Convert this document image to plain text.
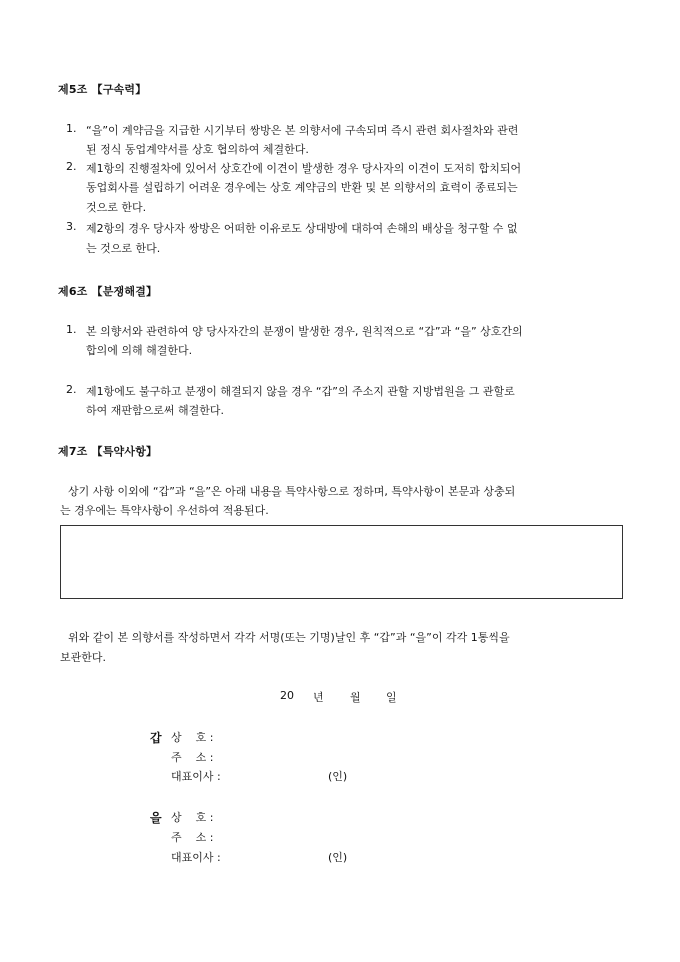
제5조 【구속력】
1. “을”이 계약금을 지급한 시기부터 쌍방은 본 의향서에 구속되며 즉시 관련 회사절차와 관련
된 정식 동업계약서를 상호 협의하여 체결한다.
2. 제1항의 진행절차에 있어서 상호간에 이견이 발생한 경우 당사자의 이견이 도저히 합치되어
동업회사를 설립하기 어려운 경우에는 상호 계약금의 반환 및 본 의향서의 효력이 종료되는
것으로 한다.
3. 제2항의 경우 당사자 쌍방은 어떠한 이유로도 상대방에 대하여 손해의 배상을 청구할 수 없
는 것으로 한다.
제6조 【분쟁해결】
1. 본 의향서와 관련하여 양 당사자간의 분쟁이 발생한 경우, 원칙적으로 “갑”과 “을” 상호간의
합의에 의해 해결한다.
2. 제1항에도 불구하고 분쟁이 해결되지 않을 경우 “갑”의 주소지 관할 지방법원을 그 관할로
하여 재판함으로써 해결한다.
제7조 【특약사항】
상기 사항 이외에 “갑”과 “을”은 아래 내용을 특약사항으로 정하며, 특약사항이 본문과 상충되
는 경우에는 특약사항이 우선하여 적용된다.
위와 같이 본 의향서를 작성하면서 각각 서명(또는 기명)날인 후 “갑”과 “을”이 각각 1통씩을
보관한다.
20 년 월 일
갑 상    호 :
주    소 :
대표이사 :	(인)
을 상    호 :
주    소 :
대표이사 :	(인)
